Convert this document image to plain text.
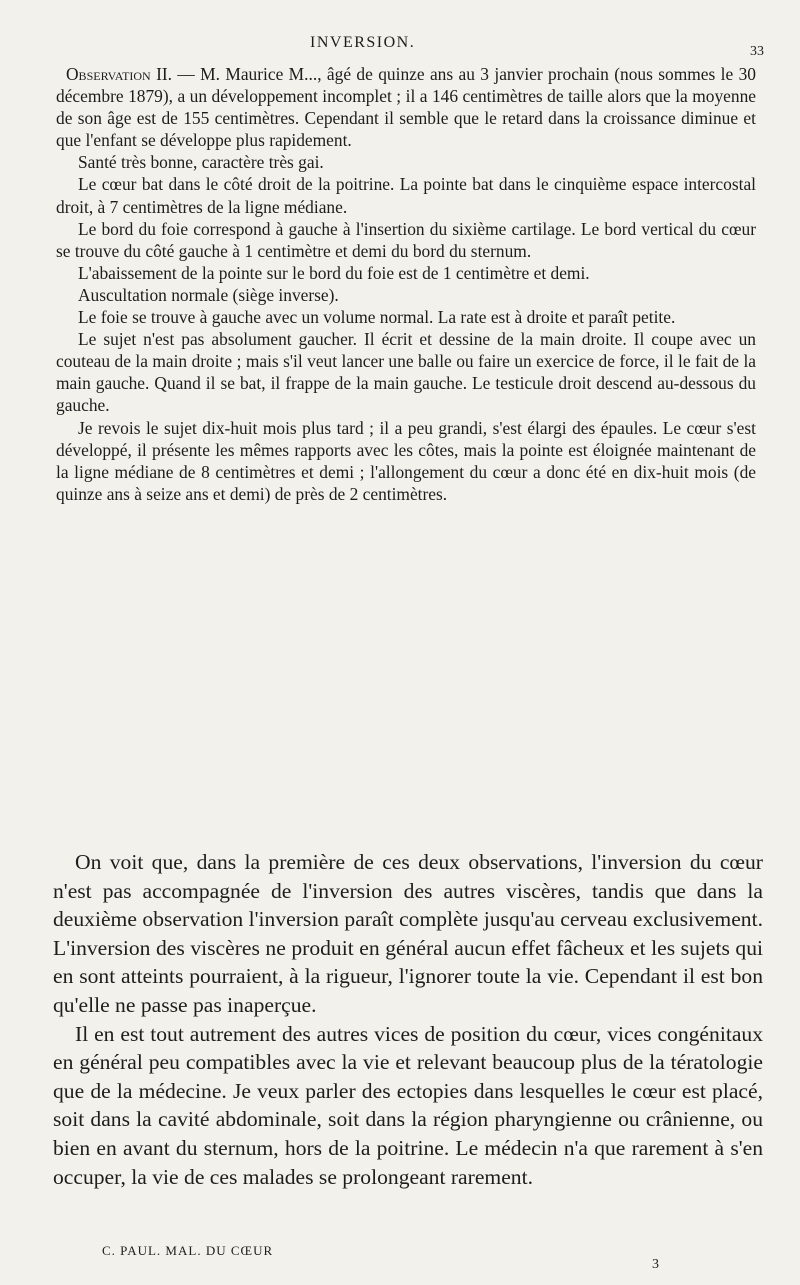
INVERSION.
33

Observation II. — M. Maurice M..., âgé de quinze ans au 3 janvier prochain (nous sommes le 30 décembre 1879), a un développement incomplet ; il a 146 centimètres de taille alors que la moyenne de son âge est de 155 centimètres. Cependant il semble que le retard dans la croissance diminue et que l'enfant se développe plus rapidement.

Santé très bonne, caractère très gai.

Le cœur bat dans le côté droit de la poitrine. La pointe bat dans le cinquième espace intercostal droit, à 7 centimètres de la ligne médiane.

Le bord du foie correspond à gauche à l'insertion du sixième cartilage. Le bord vertical du cœur se trouve du côté gauche à 1 centimètre et demi du bord du sternum.

L'abaissement de la pointe sur le bord du foie est de 1 centimètre et demi.

Auscultation normale (siège inverse).

Le foie se trouve à gauche avec un volume normal. La rate est à droite et paraît petite.

Le sujet n'est pas absolument gaucher. Il écrit et dessine de la main droite. Il coupe avec un couteau de la main droite ; mais s'il veut lancer une balle ou faire un exercice de force, il le fait de la main gauche. Quand il se bat, il frappe de la main gauche. Le testicule droit descend au-dessous du gauche.

Je revois le sujet dix-huit mois plus tard ; il a peu grandi, s'est élargi des épaules. Le cœur s'est développé, il présente les mêmes rapports avec les côtes, mais la pointe est éloignée maintenant de la ligne médiane de 8 centimètres et demi ; l'allongement du cœur a donc été en dix-huit mois (de quinze ans à seize ans et demi) de près de 2 centimètres.

On voit que, dans la première de ces deux observations, l'inversion du cœur n'est pas accompagnée de l'inversion des autres viscères, tandis que dans la deuxième observation l'inversion paraît complète jusqu'au cerveau exclusivement. L'inversion des viscères ne produit en général aucun effet fâcheux et les sujets qui en sont atteints pourraient, à la rigueur, l'ignorer toute la vie. Cependant il est bon qu'elle ne passe pas inaperçue.

Il en est tout autrement des autres vices de position du cœur, vices congénitaux en général peu compatibles avec la vie et relevant beaucoup plus de la tératologie que de la médecine. Je veux parler des ectopies dans lesquelles le cœur est placé, soit dans la cavité abdominale, soit dans la région pharyngienne ou crânienne, ou bien en avant du sternum, hors de la poitrine. Le médecin n'a que rarement à s'en occuper, la vie de ces malades se prolongeant rarement.

C. PAUL. MAL. DU CŒUR
3
